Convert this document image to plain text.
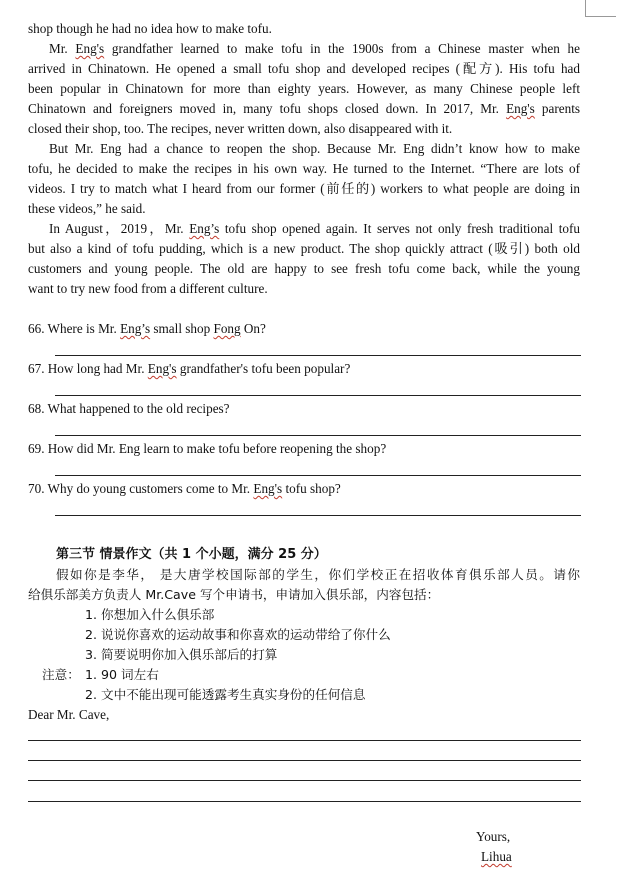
shop though he had no idea how to make tofu.
Mr. Eng's grandfather learned to make tofu in the 1900s from a Chinese master when he
arrived in Chinatown. He opened a small tofu shop and developed recipes (配方). His tofu had
been popular in Chinatown for more than eighty years. However, as many Chinese people left
Chinatown and foreigners moved in, many tofu shops closed down. In 2017, Mr. Eng's parents
closed their shop, too. The recipes, never written down, also disappeared with it.
But Mr. Eng had a chance to reopen the shop. Because Mr. Eng didn’t know how to make
tofu, he decided to make the recipes in his own way. He turned to the Internet. “There are lots of
videos. I try to match what I heard from our former (前任的) workers to what people are doing in
these videos,” he said.
In August，2019，Mr. Eng’s tofu shop opened again. It serves not only fresh traditional tofu
but also a kind of tofu pudding, which is a new product. The shop quickly attract (吸引) both old
customers and young people. The old are happy to see fresh tofu come back, while the young
want to try new food from a different culture.
66. Where is Mr. Eng’s small shop Fong On?
67. How long had Mr. Eng's grandfather's tofu been popular?
68. What happened to the old recipes?
69. How did Mr. Eng learn to make tofu before reopening the shop?
70. Why do young customers come to Mr. Eng's tofu shop?
第三节 情景作文（共 1 个小题，满分 25 分）
假如你是李华， 是大唐学校国际部的学生，你们学校正在招收体育俱乐部人员。请你
给俱乐部美方负责人 Mr.Cave 写个申请书，申请加入俱乐部，内容包括：
1. 你想加入什么俱乐部
2. 说说你喜欢的运动故事和你喜欢的运动带给了你什么
3. 简要说明你加入俱乐部后的打算
注意： 1. 90 词左右
2. 文中不能出现可能透露考生真实身份的任何信息
Dear Mr. Cave,
Yours,
Lihua
